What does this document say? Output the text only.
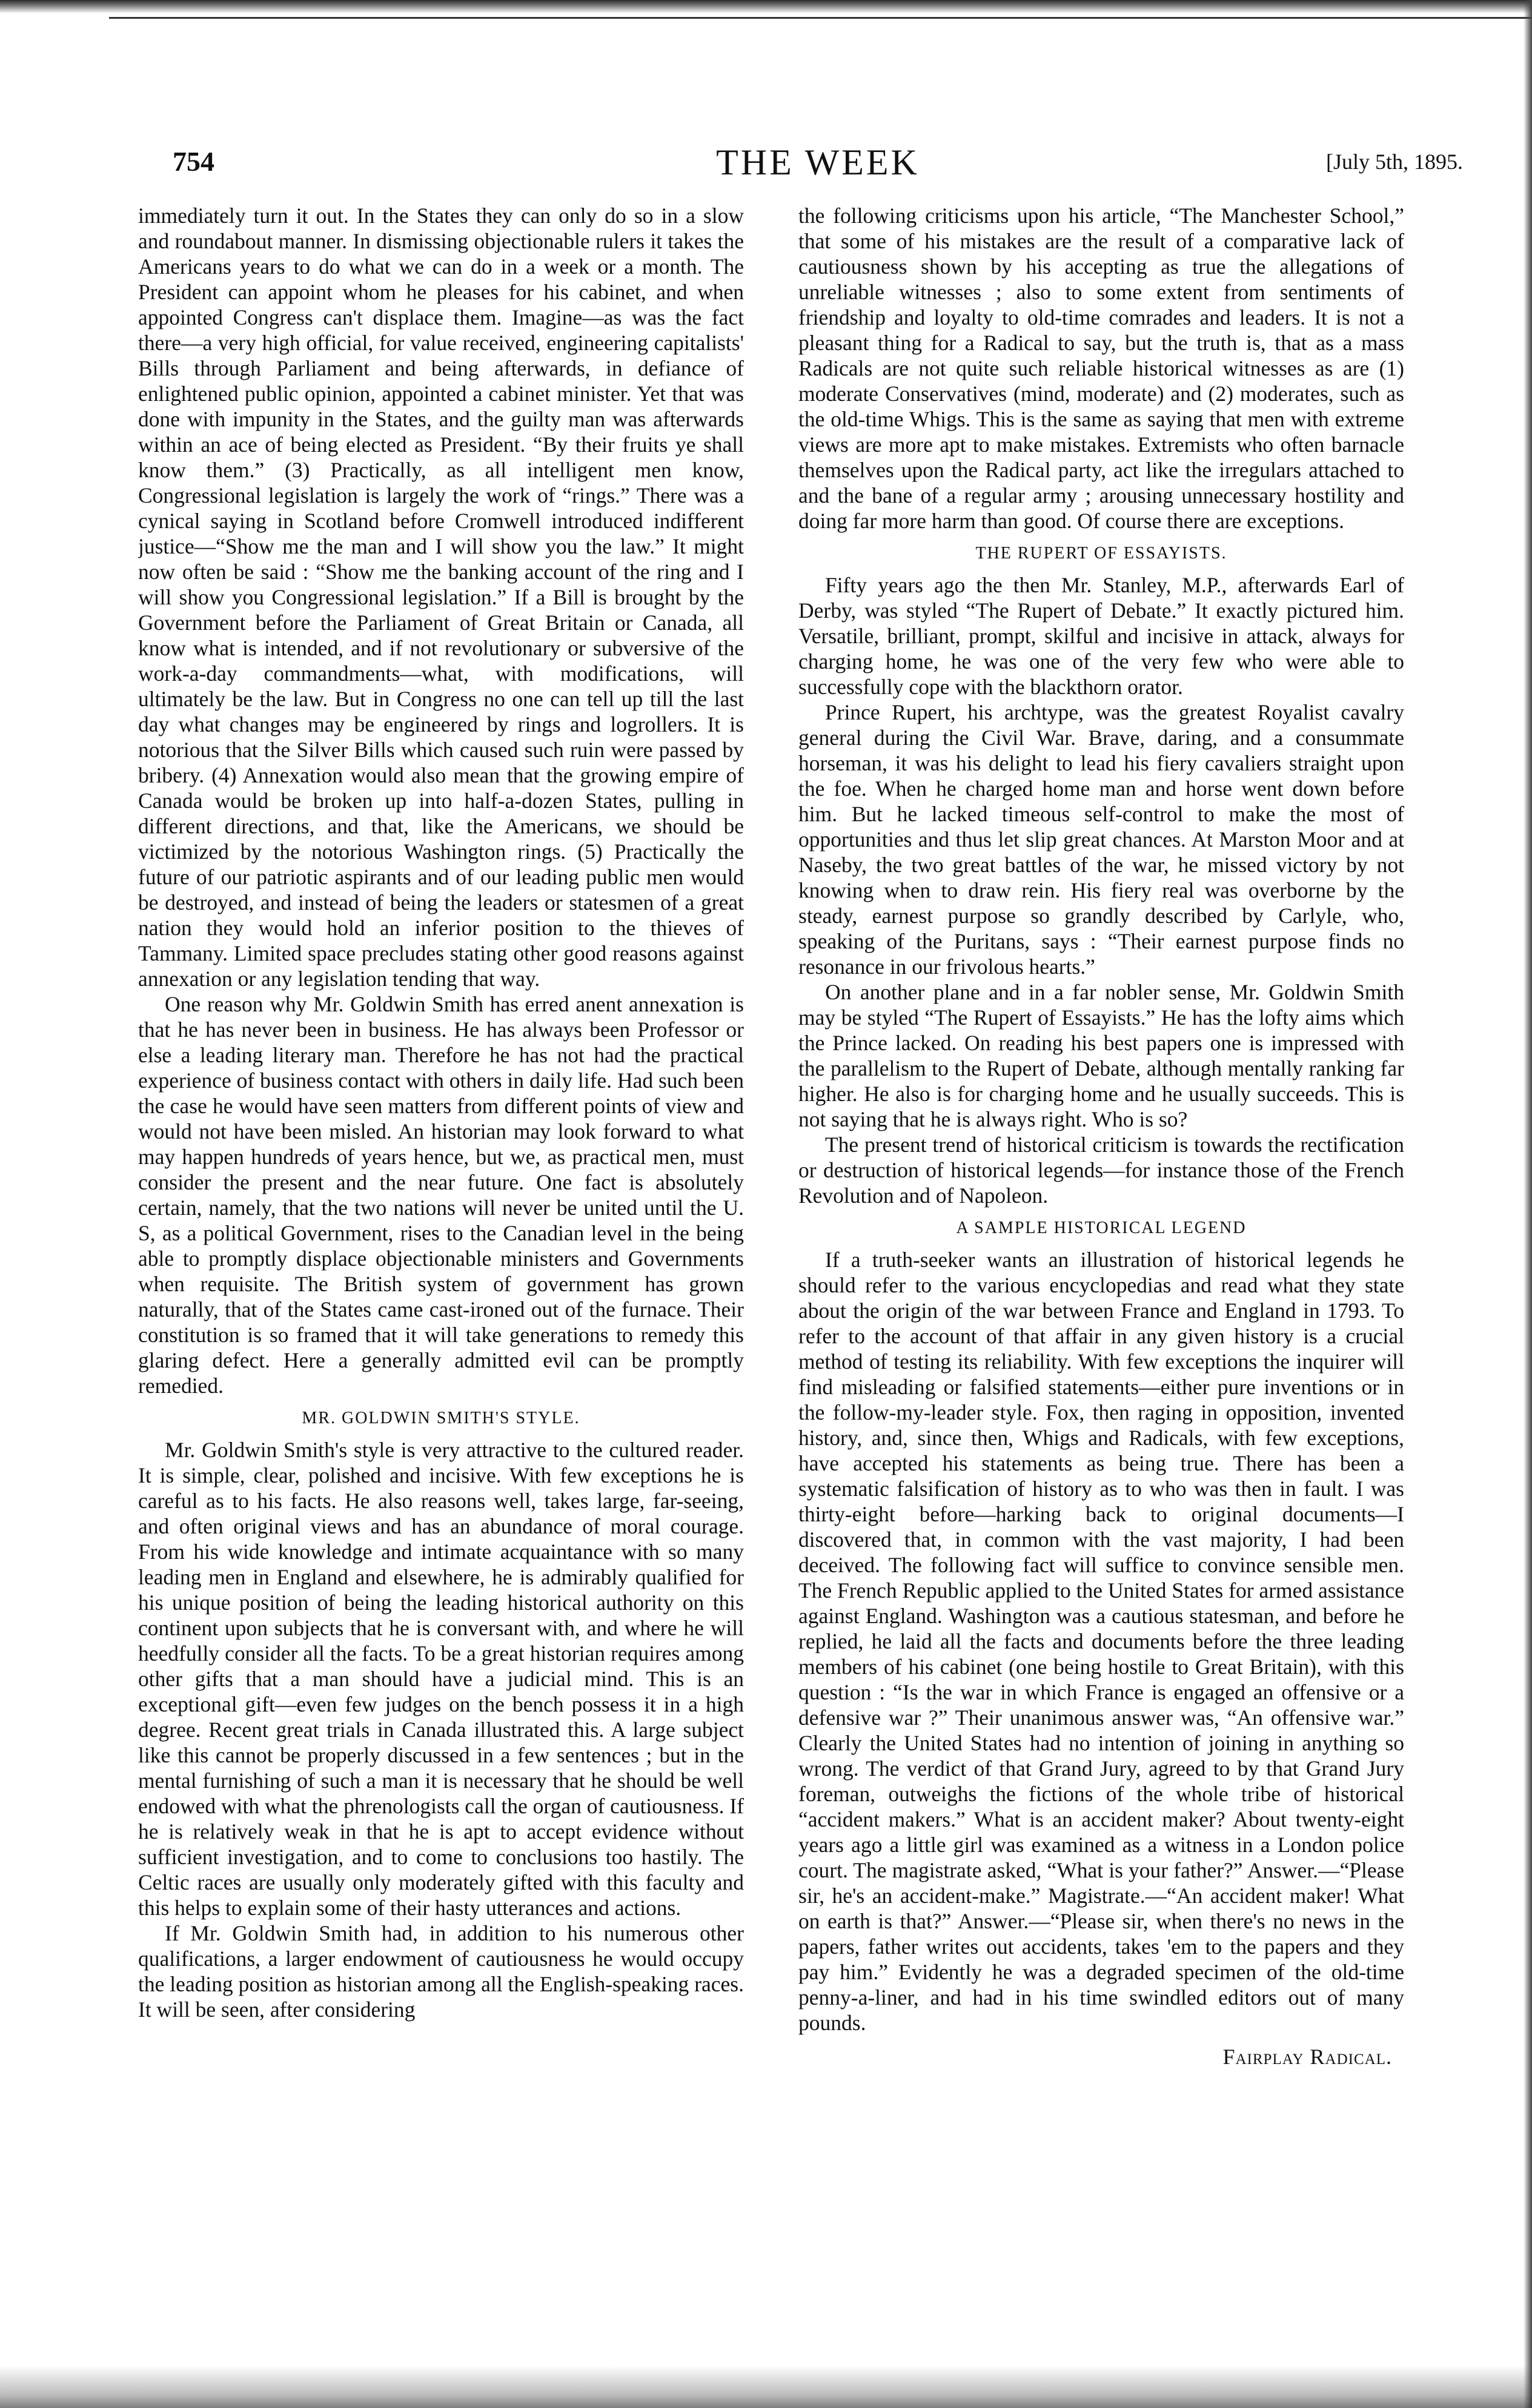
754	THE WEEK	[July 5th, 1895.

immediately turn it out. In the States they can only do so in a slow and roundabout manner. In dismissing objectionable rulers it takes the Americans years to do what we can do in a week or a month. The President can appoint whom he pleases for his cabinet, and when appointed Congress can't displace them. Imagine—as was the fact there—a very high official, for value received, engineering capitalists' Bills through Parliament and being afterwards, in defiance of enlightened public opinion, appointed a cabinet minister. Yet that was done with impunity in the States, and the guilty man was afterwards within an ace of being elected as President. “By their fruits ye shall know them.” (3) Practically, as all intelligent men know, Congressional legislation is largely the work of “rings.” There was a cynical saying in Scotland before Cromwell introduced indifferent justice—“Show me the man and I will show you the law.” It might now often be said : “Show me the banking account of the ring and I will show you Congressional legislation.” If a Bill is brought by the Government before the Parliament of Great Britain or Canada, all know what is intended, and if not revolutionary or subversive of the work-a-day commandments—what, with modifications, will ultimately be the law. But in Congress no one can tell up till the last day what changes may be engineered by rings and logrollers. It is notorious that the Silver Bills which caused such ruin were passed by bribery. (4) Annexation would also mean that the growing empire of Canada would be broken up into half-a-dozen States, pulling in different directions, and that, like the Americans, we should be victimized by the notorious Washington rings. (5) Practically the future of our patriotic aspirants and of our leading public men would be destroyed, and instead of being the leaders or statesmen of a great nation they would hold an inferior position to the thieves of Tammany. Limited space precludes stating other good reasons against annexation or any legislation tending that way.

One reason why Mr. Goldwin Smith has erred anent annexation is that he has never been in business. He has always been Professor or else a leading literary man. Therefore he has not had the practical experience of business contact with others in daily life. Had such been the case he would have seen matters from different points of view and would not have been misled. An historian may look forward to what may happen hundreds of years hence, but we, as practical men, must consider the present and the near future. One fact is absolutely certain, namely, that the two nations will never be united until the U. S, as a political Government, rises to the Canadian level in the being able to promptly displace objectionable ministers and Governments when requisite. The British system of government has grown naturally, that of the States came cast-ironed out of the furnace. Their constitution is so framed that it will take generations to remedy this glaring defect. Here a generally admitted evil can be promptly remedied.

MR. GOLDWIN SMITH'S STYLE.

Mr. Goldwin Smith's style is very attractive to the cultured reader. It is simple, clear, polished and incisive. With few exceptions he is careful as to his facts. He also reasons well, takes large, far-seeing, and often original views and has an abundance of moral courage. From his wide knowledge and intimate acquaintance with so many leading men in England and elsewhere, he is admirably qualified for his unique position of being the leading historical authority on this continent upon subjects that he is conversant with, and where he will heedfully consider all the facts. To be a great historian requires among other gifts that a man should have a judicial mind. This is an exceptional gift—even few judges on the bench possess it in a high degree. Recent great trials in Canada illustrated this. A large subject like this cannot be properly discussed in a few sentences ; but in the mental furnishing of such a man it is necessary that he should be well endowed with what the phrenologists call the organ of cautiousness. If he is relatively weak in that he is apt to accept evidence without sufficient investigation, and to come to conclusions too hastily. The Celtic races are usually only moderately gifted with this faculty and this helps to explain some of their hasty utterances and actions.

If Mr. Goldwin Smith had, in addition to his numerous other qualifications, a larger endowment of cautiousness he would occupy the leading position as historian among all the English-speaking races. It will be seen, after considering

the following criticisms upon his article, “The Manchester School,” that some of his mistakes are the result of a comparative lack of cautiousness shown by his accepting as true the allegations of unreliable witnesses ; also to some extent from sentiments of friendship and loyalty to old-time comrades and leaders. It is not a pleasant thing for a Radical to say, but the truth is, that as a mass Radicals are not quite such reliable historical witnesses as are (1) moderate Conservatives (mind, moderate) and (2) moderates, such as the old-time Whigs. This is the same as saying that men with extreme views are more apt to make mistakes. Extremists who often barnacle themselves upon the Radical party, act like the irregulars attached to and the bane of a regular army ; arousing unnecessary hostility and doing far more harm than good. Of course there are exceptions.

THE RUPERT OF ESSAYISTS.

Fifty years ago the then Mr. Stanley, M.P., afterwards Earl of Derby, was styled “The Rupert of Debate.” It exactly pictured him. Versatile, brilliant, prompt, skilful and incisive in attack, always for charging home, he was one of the very few who were able to successfully cope with the blackthorn orator.

Prince Rupert, his archtype, was the greatest Royalist cavalry general during the Civil War. Brave, daring, and a consummate horseman, it was his delight to lead his fiery cavaliers straight upon the foe. When he charged home man and horse went down before him. But he lacked timeous self-control to make the most of opportunities and thus let slip great chances. At Marston Moor and at Naseby, the two great battles of the war, he missed victory by not knowing when to draw rein. His fiery real was overborne by the steady, earnest purpose so grandly described by Carlyle, who, speaking of the Puritans, says : “Their earnest purpose finds no resonance in our frivolous hearts.”

On another plane and in a far nobler sense, Mr. Goldwin Smith may be styled “The Rupert of Essayists.” He has the lofty aims which the Prince lacked. On reading his best papers one is impressed with the parallelism to the Rupert of Debate, although mentally ranking far higher. He also is for charging home and he usually succeeds. This is not saying that he is always right. Who is so?

The present trend of historical criticism is towards the rectification or destruction of historical legends—for instance those of the French Revolution and of Napoleon.

A SAMPLE HISTORICAL LEGEND

If a truth-seeker wants an illustration of historical legends he should refer to the various encyclopedias and read what they state about the origin of the war between France and England in 1793. To refer to the account of that affair in any given history is a crucial method of testing its reliability. With few exceptions the inquirer will find misleading or falsified statements—either pure inventions or in the follow-my-leader style. Fox, then raging in opposition, invented history, and, since then, Whigs and Radicals, with few exceptions, have accepted his statements as being true. There has been a systematic falsification of history as to who was then in fault. I was thirty-eight before—harking back to original documents—I discovered that, in common with the vast majority, I had been deceived. The following fact will suffice to convince sensible men. The French Republic applied to the United States for armed assistance against England. Washington was a cautious statesman, and before he replied, he laid all the facts and documents before the three leading members of his cabinet (one being hostile to Great Britain), with this question : “Is the war in which France is engaged an offensive or a defensive war ?” Their unanimous answer was, “An offensive war.” Clearly the United States had no intention of joining in anything so wrong. The verdict of that Grand Jury, agreed to by that Grand Jury foreman, outweighs the fictions of the whole tribe of historical “accident makers.” What is an accident maker? About twenty-eight years ago a little girl was examined as a witness in a London police court. The magistrate asked, “What is your father?” Answer.—“Please sir, he's an accident-make.” Magistrate.—“An accident maker! What on earth is that?” Answer.—“Please sir, when there's no news in the papers, father writes out accidents, takes 'em to the papers and they pay him.” Evidently he was a degraded specimen of the old-time penny-a-liner, and had in his time swindled editors out of many pounds.

Fairplay Radical.
